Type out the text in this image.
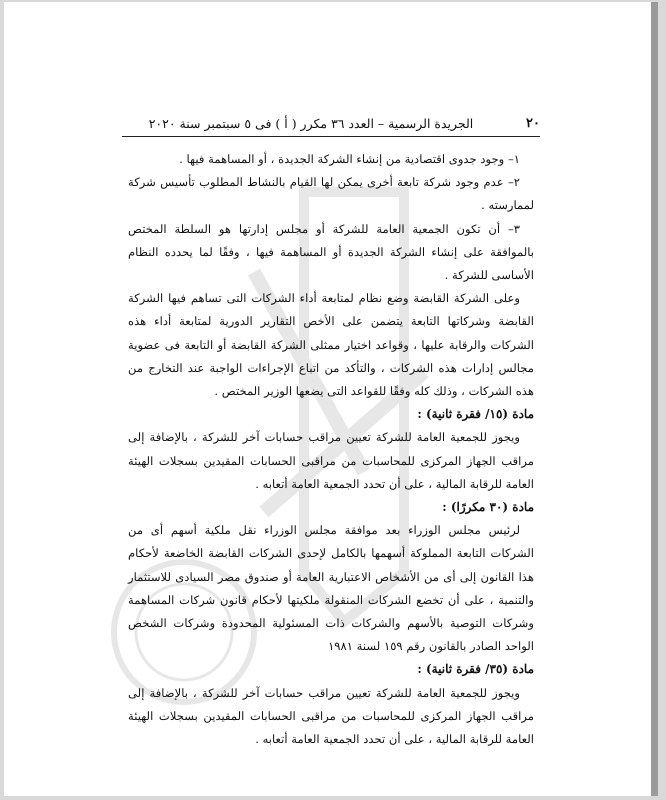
٢٠
الجريدة الرسمية – العدد ٣٦ مكرر ( أ ) فى ٥ سبتمبر سنة ٢٠٢٠

١– وجود جدوى اقتصادية من إنشاء الشركة الجديدة ، أو المساهمة فيها .

٢– عدم وجود شركة تابعة أخرى يمكن لها القيام بالنشاط المطلوب تأسيس شركة لممارسته .

٣– أن تكون الجمعية العامة للشركة أو مجلس إدارتها هو السلطة المختص بالموافقة على إنشاء الشركة الجديدة أو المساهمة فيها ، وفقًا لما يحدده النظام الأساسى للشركة .

وعلى الشركة القابضة وضع نظام لمتابعة أداء الشركات التى تساهم فيها الشركة القابضة وشركاتها التابعة يتضمن على الأخص التقارير الدورية لمتابعة أداء هذه الشركات والرقابة عليها ، وقواعد اختيار ممثلى الشركة القابضة أو التابعة فى عضوية مجالس إدارات هذه الشركات ، والتأكد من اتباع الإجراءات الواجبة عند التخارج من هذه الشركات ، وذلك كله وفقًا للقواعد التى يضعها الوزير المختص .

مادة (١٥/ فقرة ثانية) :

ويجوز للجمعية العامة للشركة تعيين مراقب حسابات آخر للشركة ، بالإضافة إلى مراقب الجهاز المركزى للمحاسبات من مراقبى الحسابات المقيدين بسجلات الهيئة العامة للرقابة المالية ، على أن تحدد الجمعية العامة أتعابه .

مادة (٣٠ مكررًا) :

لرئيس مجلس الوزراء بعد موافقة مجلس الوزراء نقل ملكية أسهم أى من الشركات التابعة المملوكة أسهمها بالكامل لإحدى الشركات القابضة الخاضعة لأحكام هذا القانون إلى أى من الأشخاص الاعتبارية العامة أو صندوق مصر السيادى للاستثمار والتنمية ، على أن تخضع الشركات المنقولة ملكيتها لأحكام قانون شركات المساهمة وشركات التوصية بالأسهم والشركات ذات المسئولية المحدودة وشركات الشخص الواحد الصادر بالقانون رقم ١٥٩ لسنة ١٩٨١

مادة (٣٥/ فقرة ثانية) :

ويجوز للجمعية العامة للشركة تعيين مراقب حسابات آخر للشركة ، بالإضافة إلى مراقب الجهاز المركزى للمحاسبات من مراقبى الحسابات المقيدين بسجلات الهيئة العامة للرقابة المالية ، على أن تحدد الجمعية العامة أتعابه .
